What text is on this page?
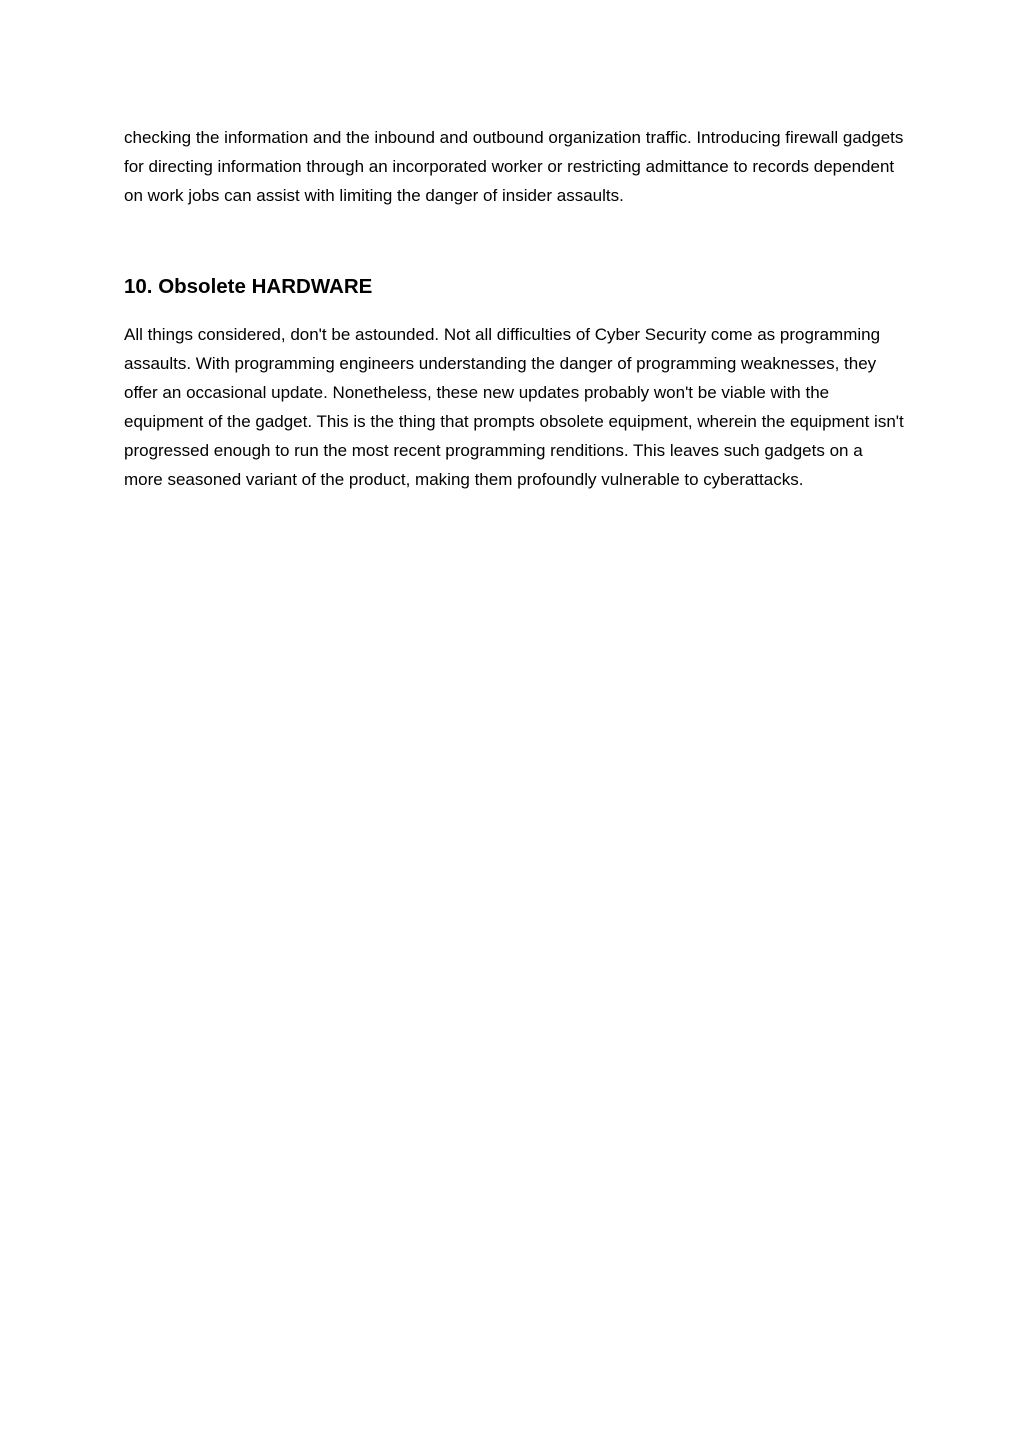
checking the information and the inbound and outbound organization traffic. Introducing firewall gadgets for directing information through an incorporated worker or restricting admittance to records dependent on work jobs can assist with limiting the danger of insider assaults.

10. Obsolete HARDWARE

All things considered, don't be astounded. Not all difficulties of Cyber Security come as programming assaults. With programming engineers understanding the danger of programming weaknesses, they offer an occasional update. Nonetheless, these new updates probably won't be viable with the equipment of the gadget. This is the thing that prompts obsolete equipment, wherein the equipment isn't progressed enough to run the most recent programming renditions. This leaves such gadgets on a more seasoned variant of the product, making them profoundly vulnerable to cyberattacks.
